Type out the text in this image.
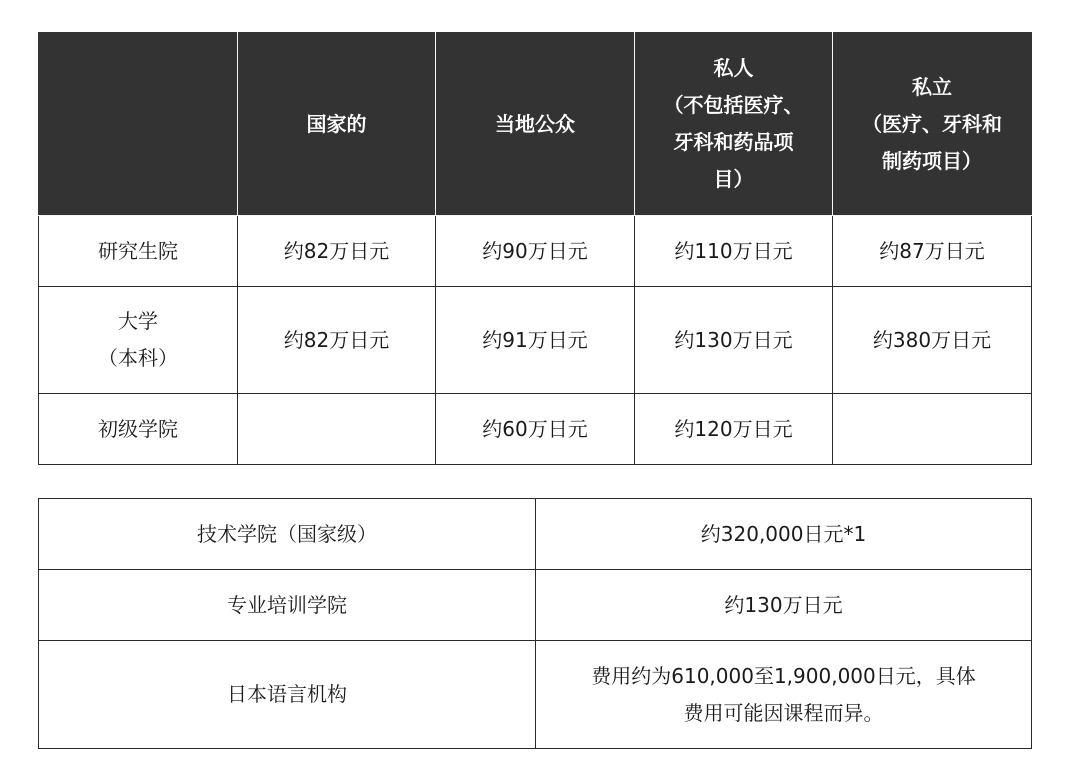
	国家的	当地公众	私人
（不包括医疗、
牙科和药品项
目）	私立
（医疗、牙科和
制药项目）
研究生院	约82万日元	约90万日元	约110万日元	约87万日元
大学
（本科）	约82万日元	约91万日元	约130万日元	约380万日元
初级学院		约60万日元	约120万日元	
技术学院（国家级）	约320,000日元*1
专业培训学院	约130万日元
日本语言机构	费用约为610,000至1,900,000日元，具体
费用可能因课程而异。
